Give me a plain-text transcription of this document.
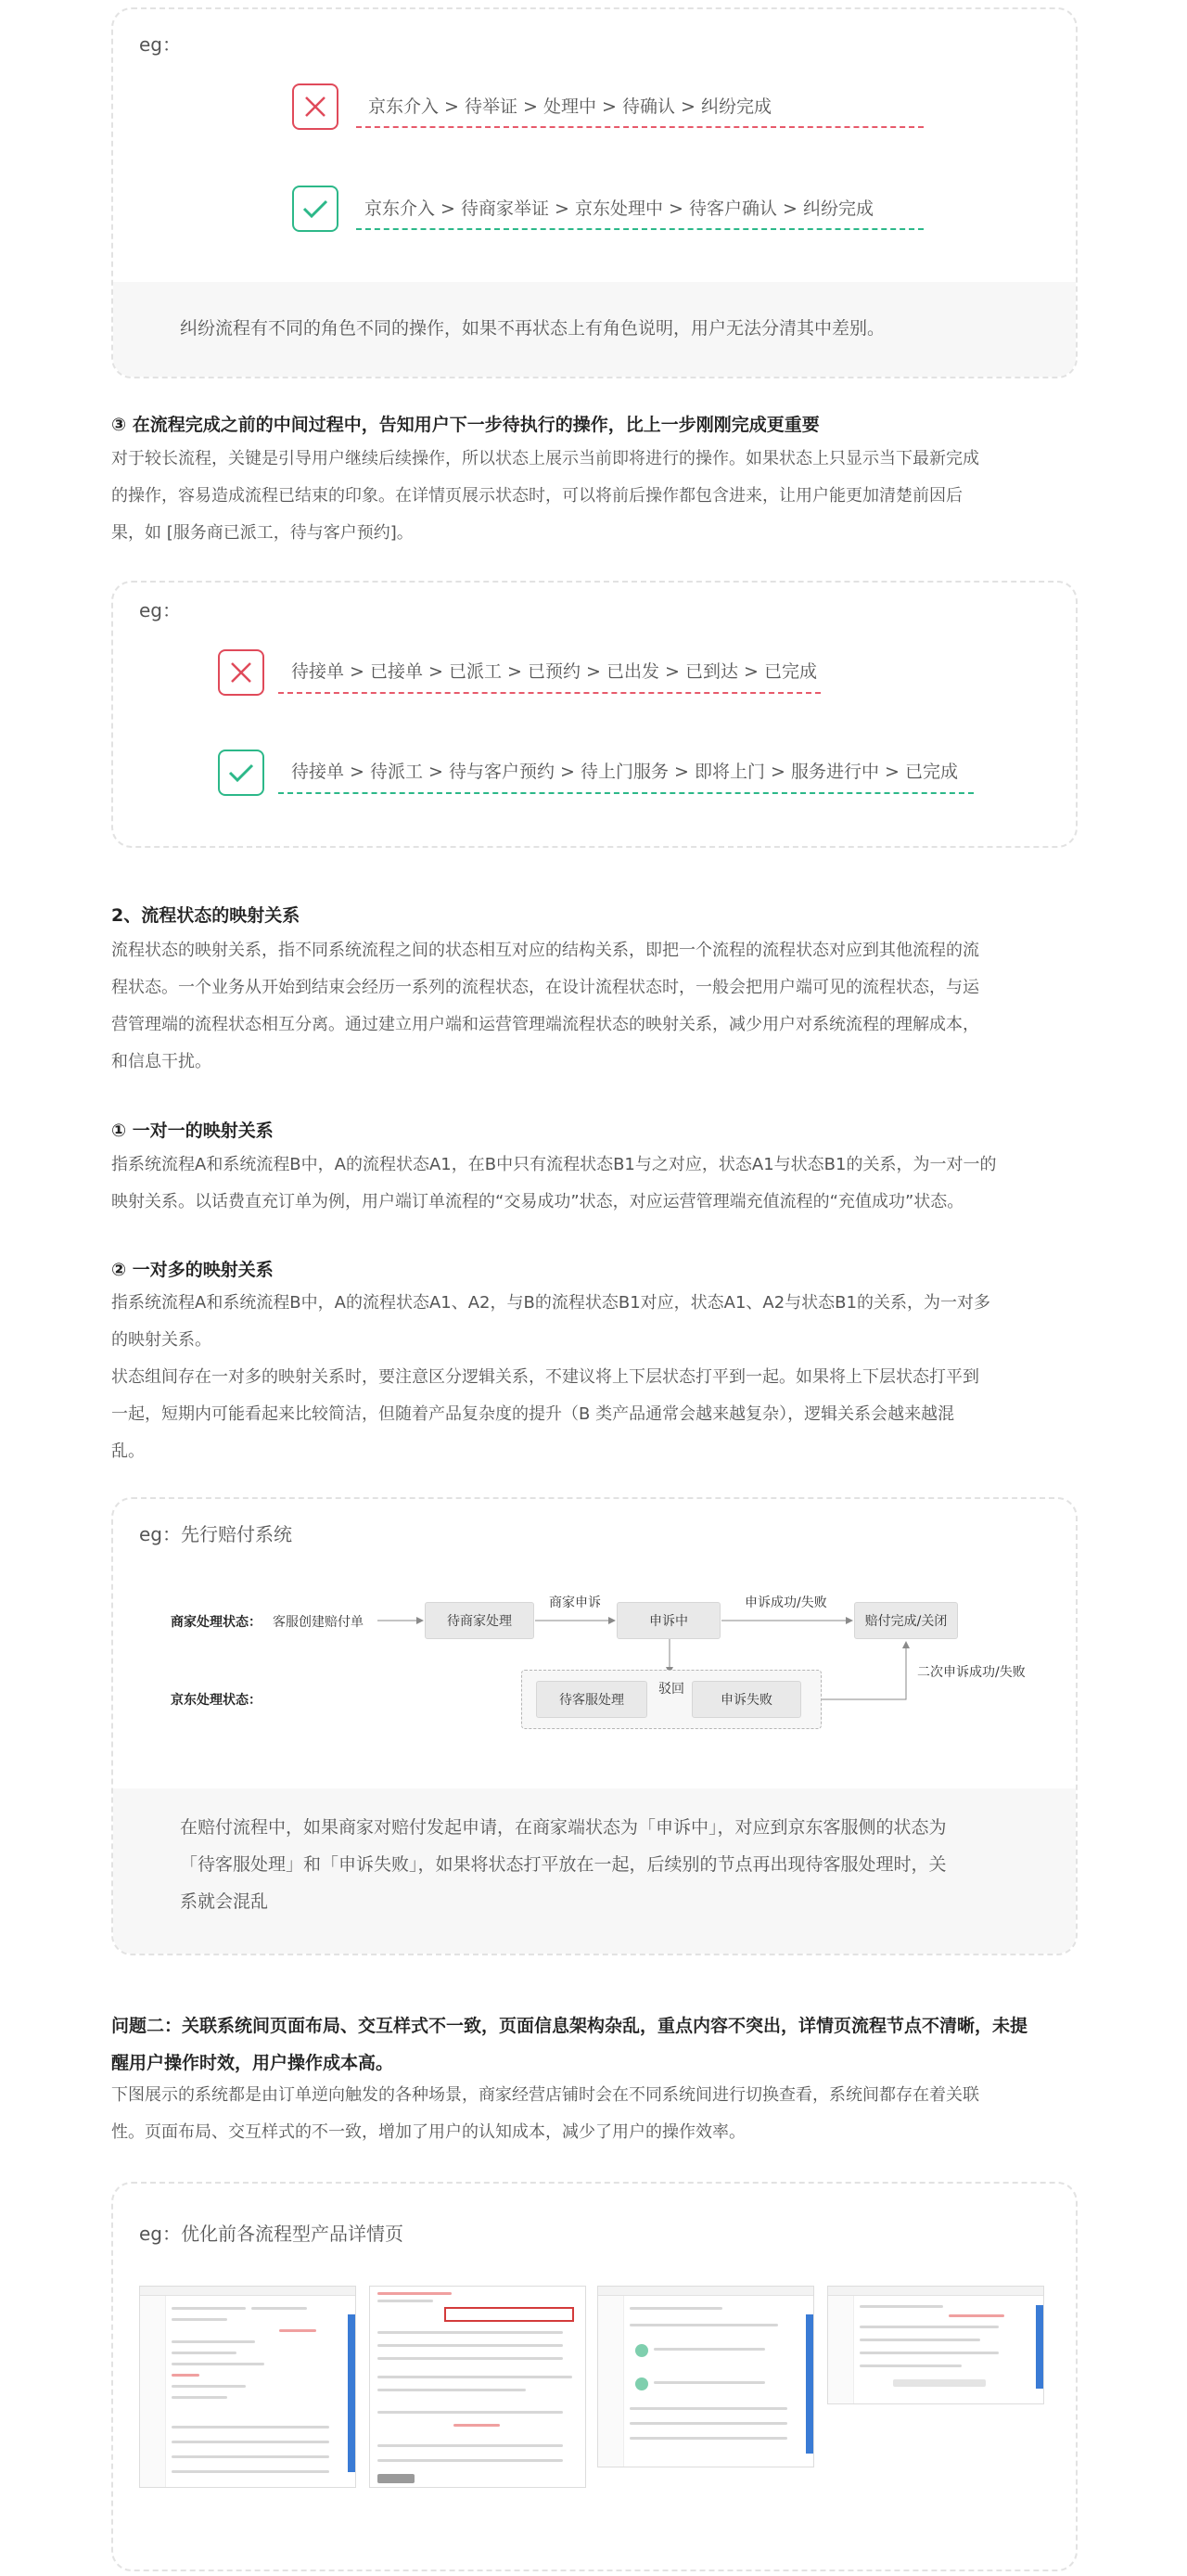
eg：
京东介入 > 待举证 > 处理中 > 待确认 > 纠纷完成
京东介入 > 待商家举证 > 京东处理中 > 待客户确认 > 纠纷完成

纠纷流程有不同的角色不同的操作，如果不再状态上有角色说明，用户无法分清其中差别。

③ 在流程完成之前的中间过程中，告知用户下一步待执行的操作，比上一步刚刚完成更重要
对于较长流程，关键是引导用户继续后续操作，所以状态上展示当前即将进行的操作。如果状态上只显示当下最新完成
的操作，容易造成流程已结束的印象。在详情页展示状态时，可以将前后操作都包含进来，让用户能更加清楚前因后
果，如 [服务商已派工，待与客户预约]。
eg：
待接单 > 已接单 > 已派工 > 已预约 > 已出发 > 已到达 > 已完成
待接单 > 待派工 > 待与客户预约 > 待上门服务 > 即将上门 > 服务进行中 > 已完成
2、流程状态的映射关系
流程状态的映射关系，指不同系统流程之间的状态相互对应的结构关系，即把一个流程的流程状态对应到其他流程的流
程状态。一个业务从开始到结束会经历一系列的流程状态，在设计流程状态时，一般会把用户端可见的流程状态，与运
营管理端的流程状态相互分离。通过建立用户端和运营管理端流程状态的映射关系，减少用户对系统流程的理解成本，
和信息干扰。
① 一对一的映射关系
指系统流程A和系统流程B中，A的流程状态A1，在B中只有流程状态B1与之对应，状态A1与状态B1的关系，为一对一的
映射关系。以话费直充订单为例，用户端订单流程的“交易成功”状态，对应运营管理端充值流程的“充值成功”状态。
② 一对多的映射关系
指系统流程A和系统流程B中，A的流程状态A1、A2，与B的流程状态B1对应，状态A1、A2与状态B1的关系，为一对多
的映射关系。
状态组间存在一对多的映射关系时，要注意区分逻辑关系，不建议将上下层状态打平到一起。如果将上下层状态打平到
一起，短期内可能看起来比较简洁，但随着产品复杂度的提升（B 类产品通常会越来越复杂），逻辑关系会越来越混
乱。
eg：先行赔付系统
商家处理状态： 客服创建赔付单	待商家处理
商家申诉
申诉中
申诉成功/失败
赔付完成/关闭
京东处理状态：	待客服处理
驳回
申诉失败
二次申诉成功/失败

在赔付流程中，如果商家对赔付发起申请，在商家端状态为「申诉中」，对应到京东客服侧的状态为
「待客服处理」和「申诉失败」，如果将状态打平放在一起，后续别的节点再出现待客服处理时，关
系就会混乱

问题二：关联系统间页面布局、交互样式不一致，页面信息架构杂乱，重点内容不突出，详情页流程节点不清晰，未提
醒用户操作时效，用户操作成本高。
下图展示的系统都是由订单逆向触发的各种场景，商家经营店铺时会在不同系统间进行切换查看，系统间都存在着关联
性。页面布局、交互样式的不一致，增加了用户的认知成本，减少了用户的操作效率。
eg：优化前各流程型产品详情页
